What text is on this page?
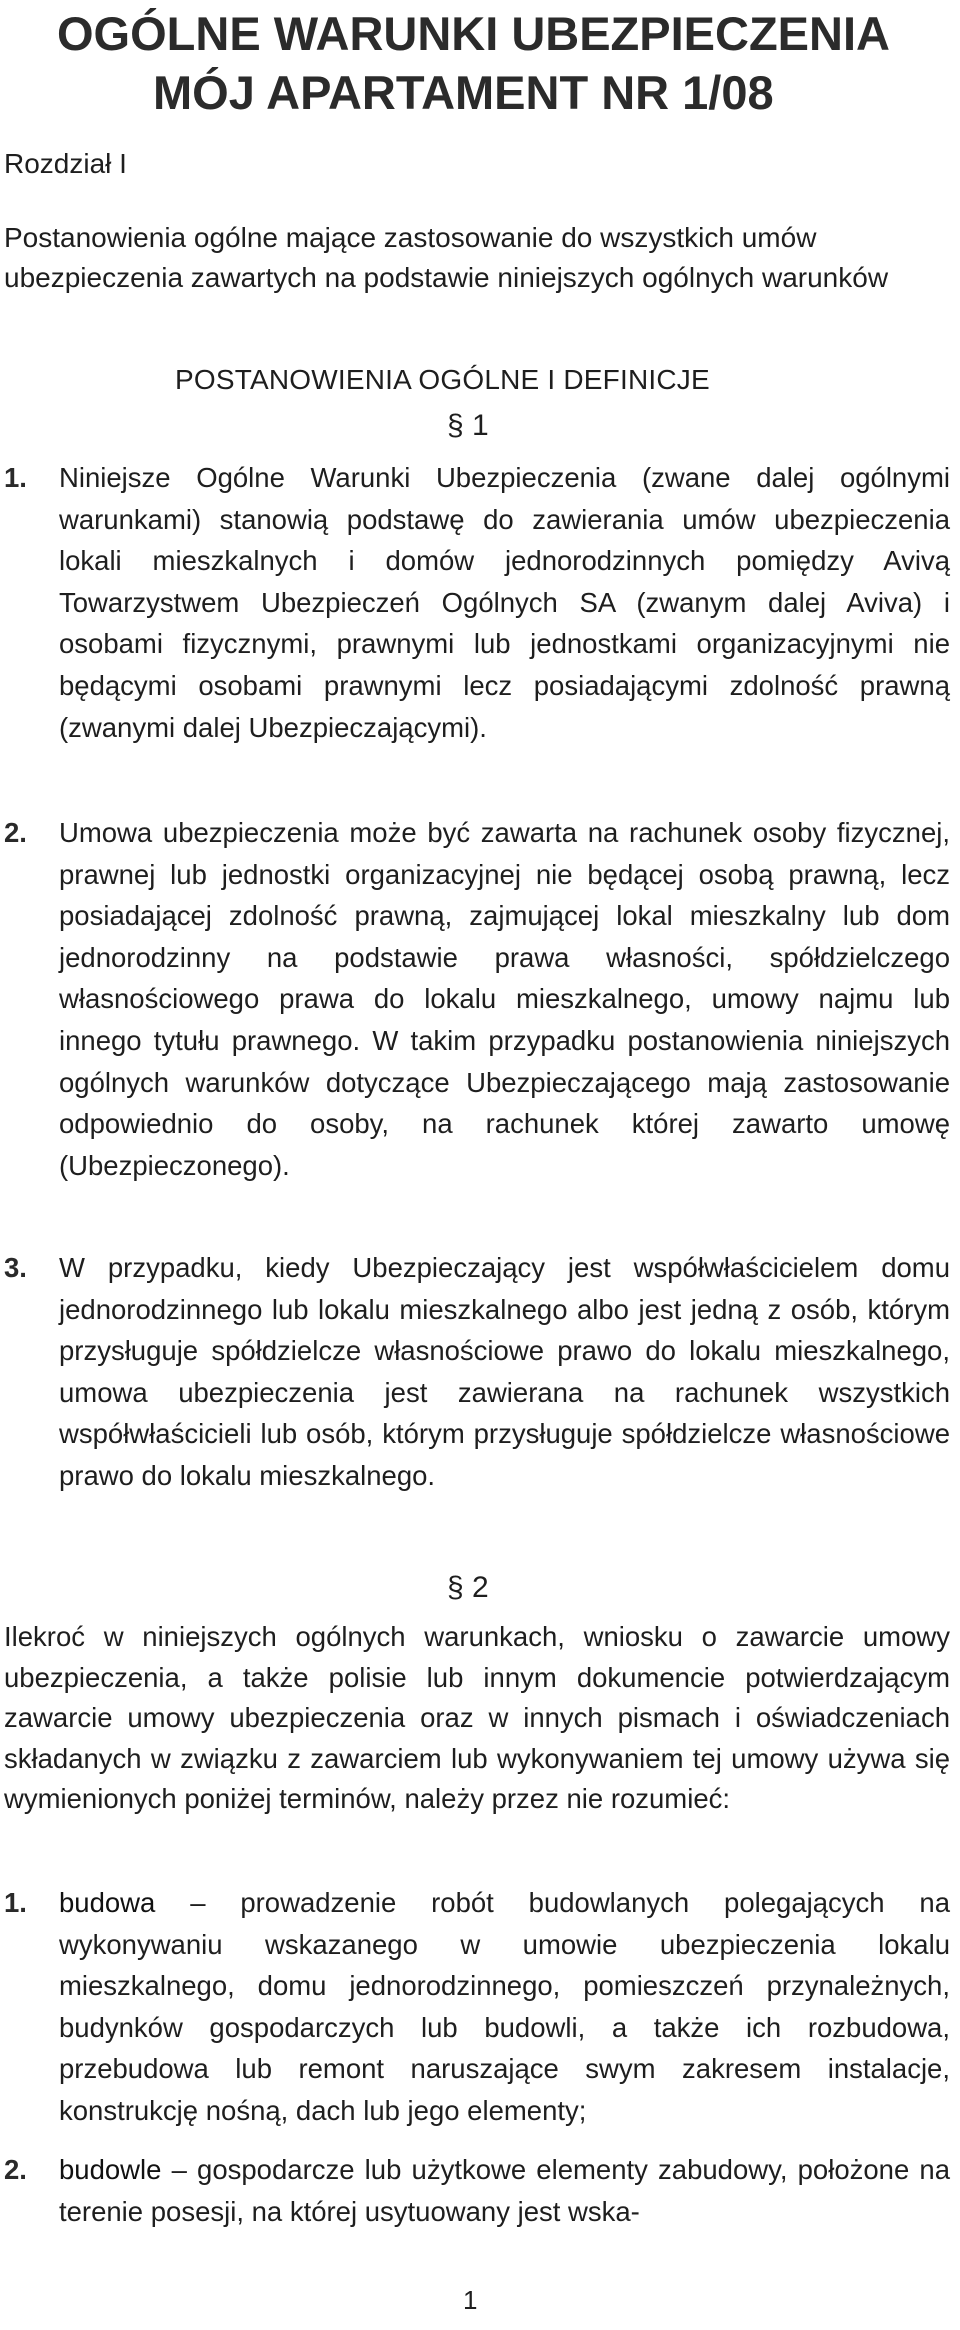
OGÓLNE WARUNKI UBEZPIECZENIA
MÓJ APARTAMENT NR 1/08

Rozdział I

Postanowienia ogólne mające zastosowanie do wszystkich umów ubezpieczenia zawartych na podstawie niniejszych ogólnych warunków

POSTANOWIENIA OGÓLNE I DEFINICJE

§ 1

1. Niniejsze Ogólne Warunki Ubezpieczenia (zwane dalej ogólnymi warunkami) stanowią podstawę do zawierania umów ubezpieczenia lokali mieszkalnych i domów jednorodzinnych pomiędzy Avivą Towarzystwem Ubezpieczeń Ogólnych SA (zwanym dalej Aviva) i osobami fizycznymi, prawnymi lub jednostkami organizacyjnymi nie będącymi osobami prawnymi lecz posiadającymi zdolność prawną (zwanymi dalej Ubezpieczającymi).
2. Umowa ubezpieczenia może być zawarta na rachunek osoby fizycznej, prawnej lub jednostki organizacyjnej nie będącej osobą prawną, lecz posiadającej zdolność prawną, zajmującej lokal mieszkalny lub dom jednorodzinny na podstawie prawa własności, spółdzielczego własnościowego prawa do lokalu mieszkalnego, umowy najmu lub innego tytułu prawnego. W takim przypadku postanowienia niniejszych ogólnych warunków dotyczące Ubezpieczającego mają zastosowanie odpowiednio do osoby, na rachunek której zawarto umowę (Ubezpieczonego).
3. W przypadku, kiedy Ubezpieczający jest współwłaścicielem domu jednorodzinnego lub lokalu mieszkalnego albo jest jedną z osób, którym przysługuje spółdzielcze własnościowe prawo do lokalu mieszkalnego, umowa ubezpieczenia jest zawierana na rachunek wszystkich współwłaścicieli lub osób, którym przysługuje spółdzielcze własnościowe prawo do lokalu mieszkalnego.

§ 2

Ilekroć w niniejszych ogólnych warunkach, wniosku o zawarcie umowy ubezpieczenia, a także polisie lub innym dokumencie potwierdzającym zawarcie umowy ubezpieczenia oraz w innych pismach i oświadczeniach składanych w związku z zawarciem lub wykonywaniem tej umowy używa się wymienionych poniżej terminów, należy przez nie rozumieć:

1. budowa – prowadzenie robót budowlanych polegających na wykonywaniu wskazanego w umowie ubezpieczenia lokalu mieszkalnego, domu jednorodzinnego, pomieszczeń przynależnych, budynków gospodarczych lub budowli, a także ich rozbudowa, przebudowa lub remont naruszające swym zakresem instalacje, konstrukcję nośną, dach lub jego elementy;
2. budowle – gospodarcze lub użytkowe elementy zabudowy, położone na terenie posesji, na której usytuowany jest wska-

1
